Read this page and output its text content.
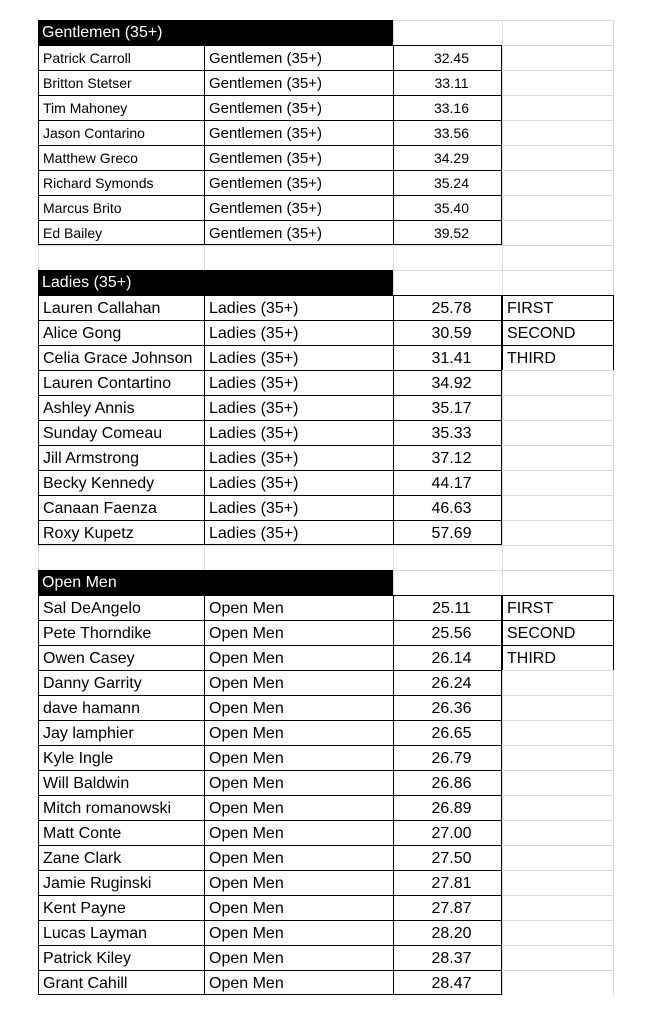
Gentlemen (35+)
Patrick Carroll	Gentlemen (35+)	32.45
Britton Stetser	Gentlemen (35+)	33.11
Tim Mahoney	Gentlemen (35+)	33.16
Jason Contarino	Gentlemen (35+)	33.56
Matthew Greco	Gentlemen (35+)	34.29
Richard Symonds	Gentlemen (35+)	35.24
Marcus Brito	Gentlemen (35+)	35.40
Ed Bailey	Gentlemen (35+)	39.52
Ladies (35+)
Lauren Callahan	Ladies (35+)	25.78	FIRST
Alice Gong	Ladies (35+)	30.59	SECOND
Celia Grace Johnson	Ladies (35+)	31.41	THIRD
Lauren Contartino	Ladies (35+)	34.92
Ashley Annis	Ladies (35+)	35.17
Sunday Comeau	Ladies (35+)	35.33
Jill Armstrong	Ladies (35+)	37.12
Becky Kennedy	Ladies (35+)	44.17
Canaan Faenza	Ladies (35+)	46.63
Roxy Kupetz	Ladies (35+)	57.69
Open Men
Sal DeAngelo	Open Men	25.11	FIRST
Pete Thorndike	Open Men	25.56	SECOND
Owen Casey	Open Men	26.14	THIRD
Danny Garrity	Open Men	26.24
dave hamann	Open Men	26.36
Jay lamphier	Open Men	26.65
Kyle Ingle	Open Men	26.79
Will Baldwin	Open Men	26.86
Mitch romanowski	Open Men	26.89
Matt Conte	Open Men	27.00
Zane Clark	Open Men	27.50
Jamie Ruginski	Open Men	27.81
Kent Payne	Open Men	27.87
Lucas Layman	Open Men	28.20
Patrick Kiley	Open Men	28.37
Grant Cahill	Open Men	28.47
